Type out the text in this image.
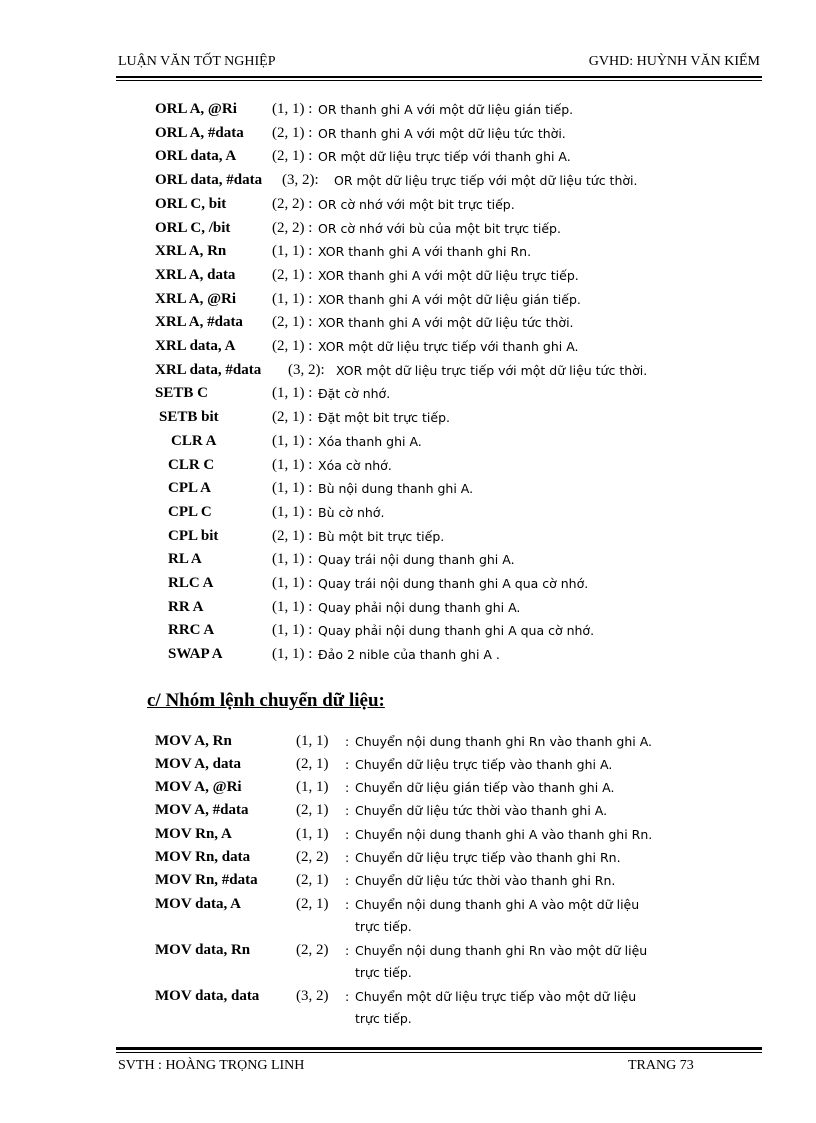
LUẬN VĂN TỐT NGHIỆP	GVHD: HUỲNH VĂN KIỂM
ORL A, @Ri (1, 1) : OR thanh ghi A với một dữ liệu gián tiếp.
ORL A, #data (2, 1) : OR thanh ghi A với một dữ liệu tức thời.
ORL data, A (2, 1) : OR một dữ liệu trực tiếp với thanh ghi A.
ORL data, #data (3, 2): OR một dữ liệu trực tiếp với một dữ liệu tức thời.
ORL C, bit	(2, 2) : OR cờ nhớ với một bit trực tiếp.
ORL C, /bit	(2, 2) : OR cờ nhớ với bù của một bit trực tiếp.
XRL A, Rn	(1, 1) : XOR thanh ghi A với thanh ghi Rn.
XRL A, data (2, 1) : XOR thanh ghi A với một dữ liệu trực tiếp.
XRL A, @Ri (1, 1) : XOR thanh ghi A với một dữ liệu gián tiếp.
XRL A, #data (2, 1) : XOR thanh ghi A với một dữ liệu tức thời.
XRL data, A (2, 1) : XOR một dữ liệu trực tiếp với thanh ghi A.
XRL data, #data (3, 2): XOR một dữ liệu trực tiếp với một dữ liệu tức thời.
SETB C	(1, 1) : Đặt cờ nhớ.
SETB bit	(2, 1) : Đặt một bit trực tiếp.
CLR A	(1, 1) : Xóa thanh ghi A.
CLR C	(1, 1) : Xóa cờ nhớ.
CPL A	(1, 1) : Bù nội dung thanh ghi A.
CPL C	(1, 1) : Bù cờ nhớ.
CPL bit	(2, 1) : Bù một bit trực tiếp.
RL A	(1, 1) : Quay trái nội dung thanh ghi A.
RLC A	(1, 1) : Quay trái nội dung thanh ghi A qua cờ nhớ.
RR A	(1, 1) : Quay phải nội dung thanh ghi A.
RRC A	(1, 1) : Quay phải nội dung thanh ghi A qua cờ nhớ.
SWAP A	(1, 1) : Đảo 2 nible của thanh ghi A .
c/ Nhóm lệnh chuyển dữ liệu:
MOV A, Rn	(1, 1) : Chuyển nội dung thanh ghi Rn vào thanh ghi A.
MOV A, data	(2, 1) : Chuyển dữ liệu trực tiếp vào thanh ghi A.
MOV A, @Ri	(1, 1) : Chuyển dữ liệu gián tiếp vào thanh ghi A.
MOV A, #data	(2, 1) : Chuyển dữ liệu tức thời vào thanh ghi A.
MOV Rn, A	(1, 1) : Chuyển nội dung thanh ghi A vào thanh ghi Rn.
MOV Rn, data	(2, 2) : Chuyển dữ liệu trực tiếp vào thanh ghi Rn.
MOV Rn, #data	(2, 1) : Chuyển dữ liệu tức thời vào thanh ghi Rn.
MOV data, A	(2, 1) : Chuyển nội dung thanh ghi A vào một dữ liệu
trực tiếp.
MOV data, Rn	(2, 2) : Chuyển nội dung thanh ghi Rn vào một dữ liệu
trực tiếp.
MOV data, data (3, 2) : Chuyển một dữ liệu trực tiếp vào một dữ liệu
trực tiếp.
SVTH : HOÀNG TRỌNG LINH	TRANG 73
